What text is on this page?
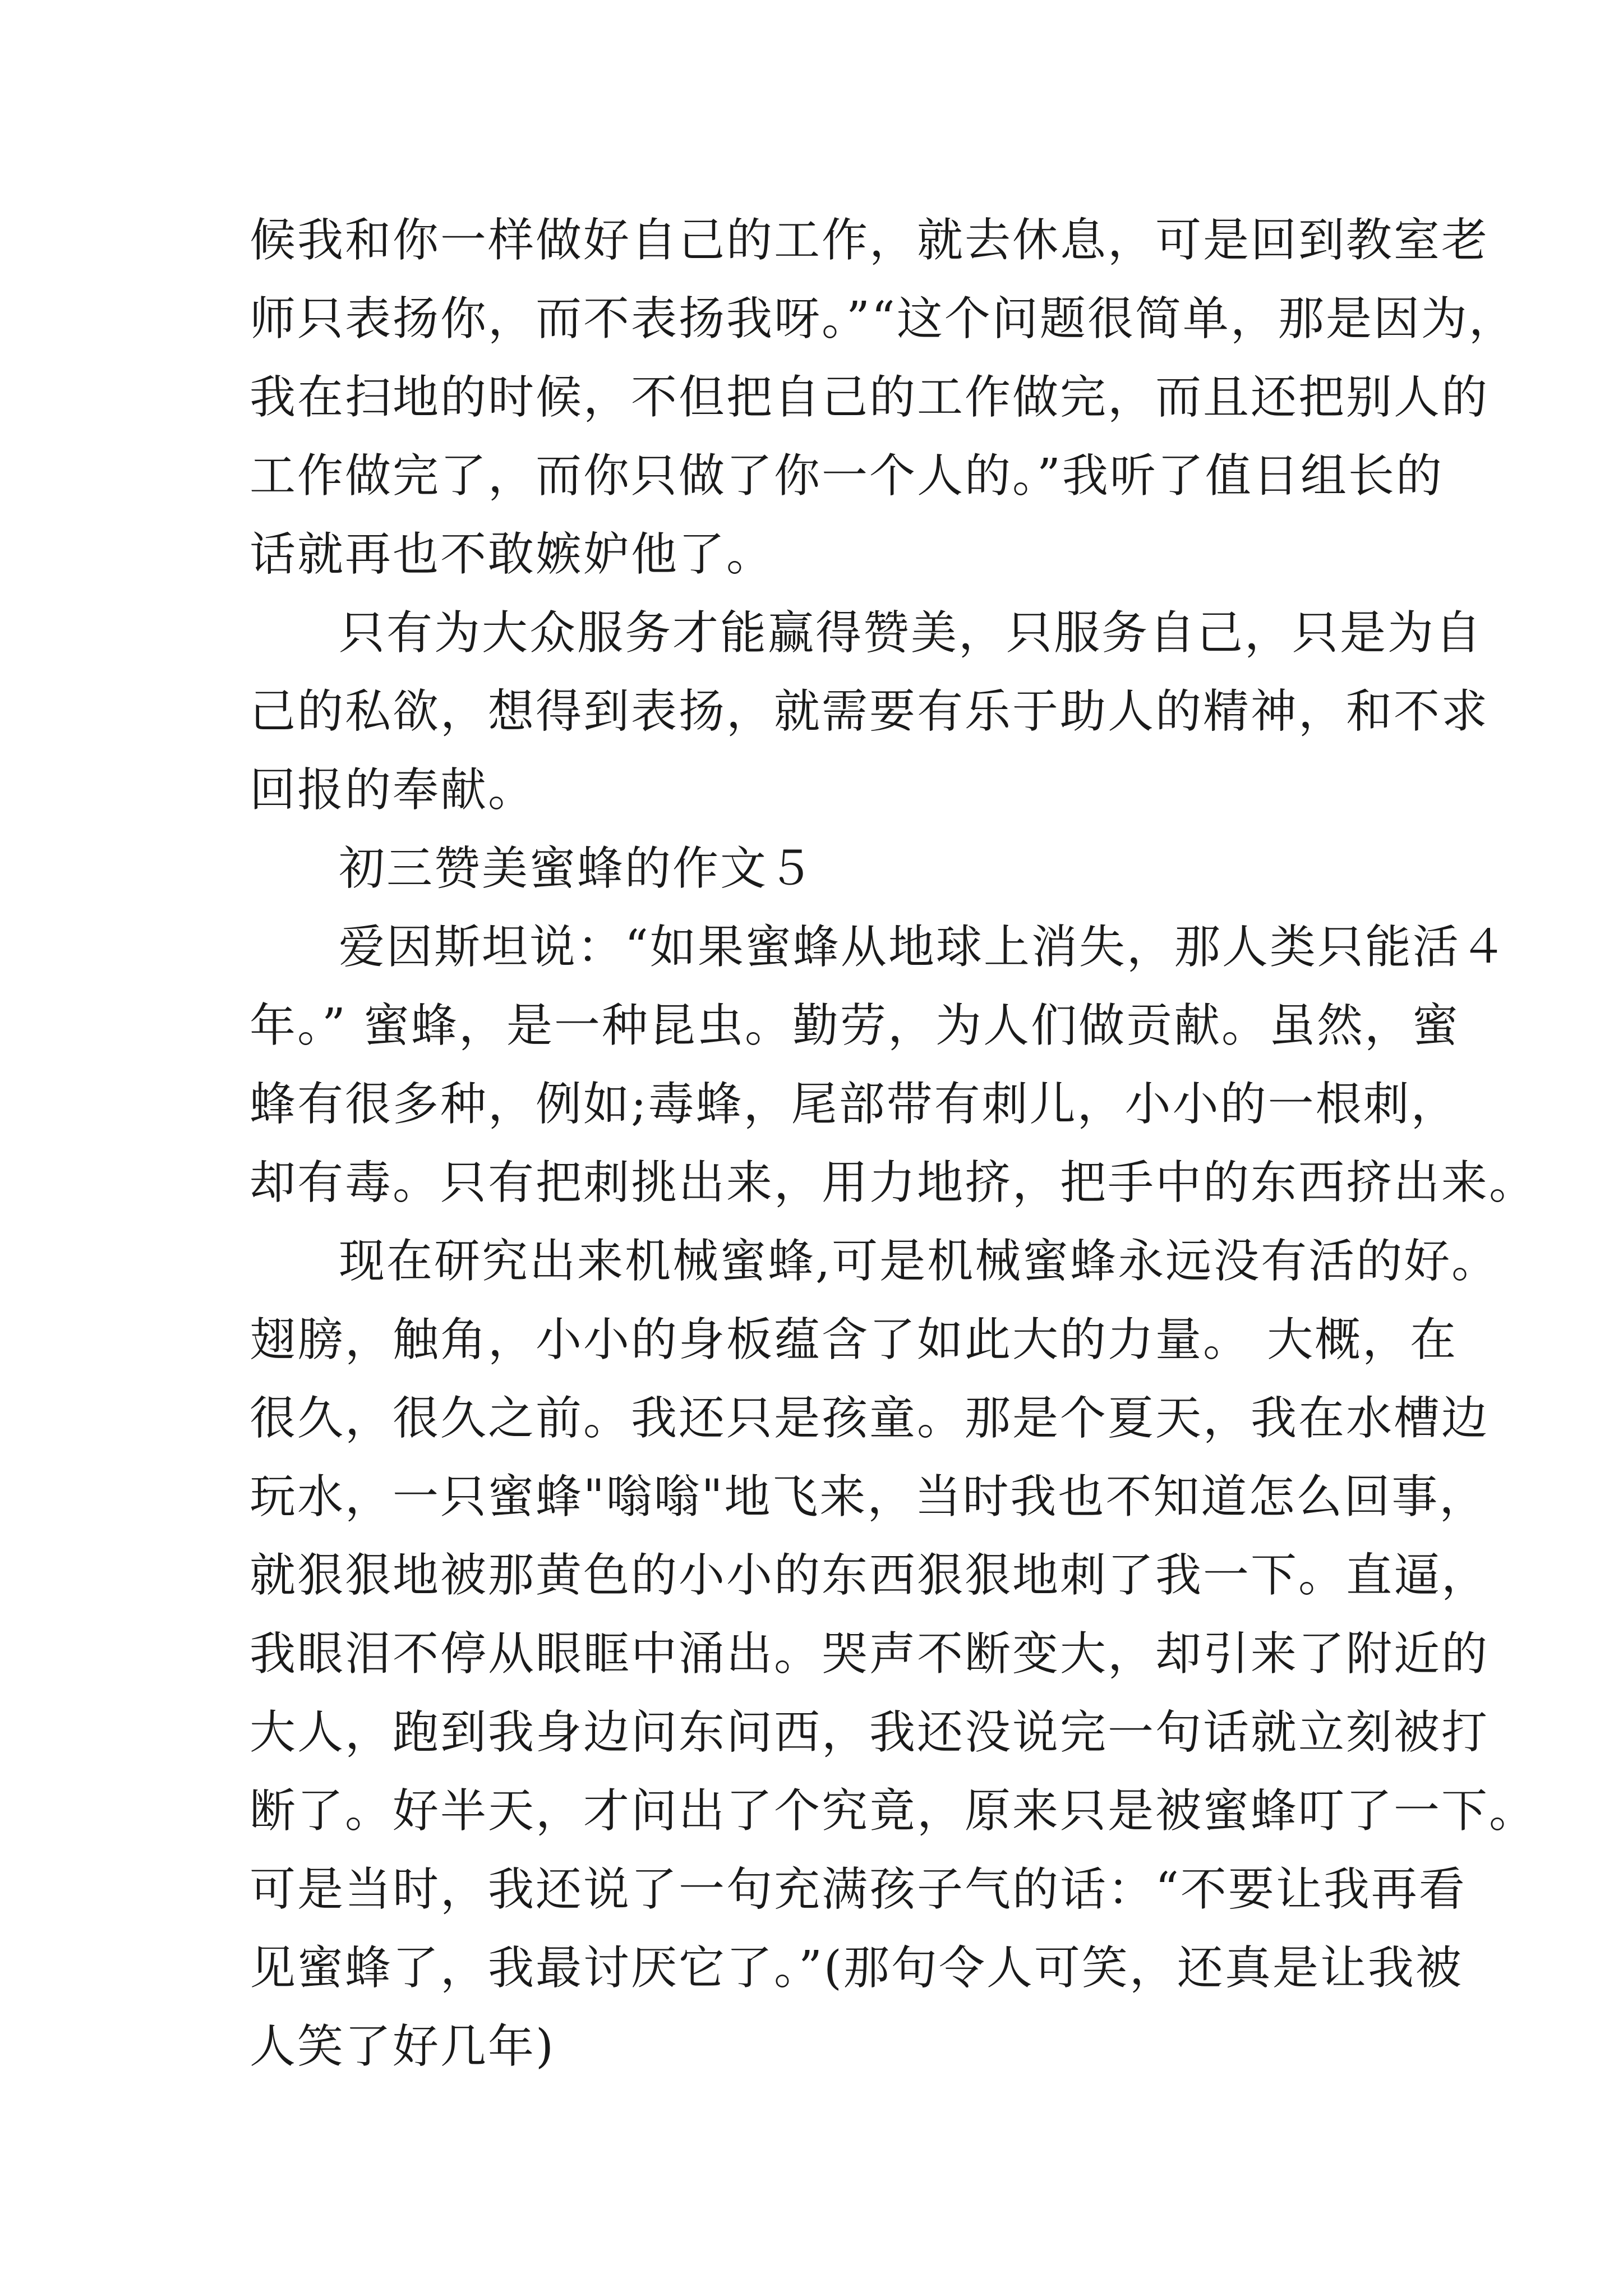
候我和你一样做好自己的工作，就去休息，可是回到教室老
师只表扬你，而不表扬我呀。”“这个问题很简单，那是因为，
我在扫地的时候，不但把自己的工作做完，而且还把别人的
工作做完了，而你只做了你一个人的。”我听了值日组长的
话就再也不敢嫉妒他了。
只有为大众服务才能赢得赞美，只服务自己，只是为自
己的私欲，想得到表扬，就需要有乐于助人的精神，和不求
回报的奉献。
初三赞美蜜蜂的作文５
爱因斯坦说：“如果蜜蜂从地球上消失，那人类只能活４
年。” 蜜蜂，是一种昆虫。勤劳，为人们做贡献。虽然，蜜
蜂有很多种，例如;毒蜂，尾部带有刺儿，小小的一根刺，
却有毒。只有把刺挑出来，用力地挤，把手中的东西挤出来。
现在研究出来机械蜜蜂,可是机械蜜蜂永远没有活的好。
翅膀，触角，小小的身板蕴含了如此大的力量。 大概，在
很久，很久之前。我还只是孩童。那是个夏天，我在水槽边
玩水，一只蜜蜂"嗡嗡"地飞来，当时我也不知道怎么回事，
就狠狠地被那黄色的小小的东西狠狠地刺了我一下。直逼，
我眼泪不停从眼眶中涌出。哭声不断变大，却引来了附近的
大人，跑到我身边问东问西，我还没说完一句话就立刻被打
断了。好半天，才问出了个究竟，原来只是被蜜蜂叮了一下。
可是当时，我还说了一句充满孩子气的话：“不要让我再看
见蜜蜂了，我最讨厌它了。”(那句令人可笑，还真是让我被
人笑了好几年)
